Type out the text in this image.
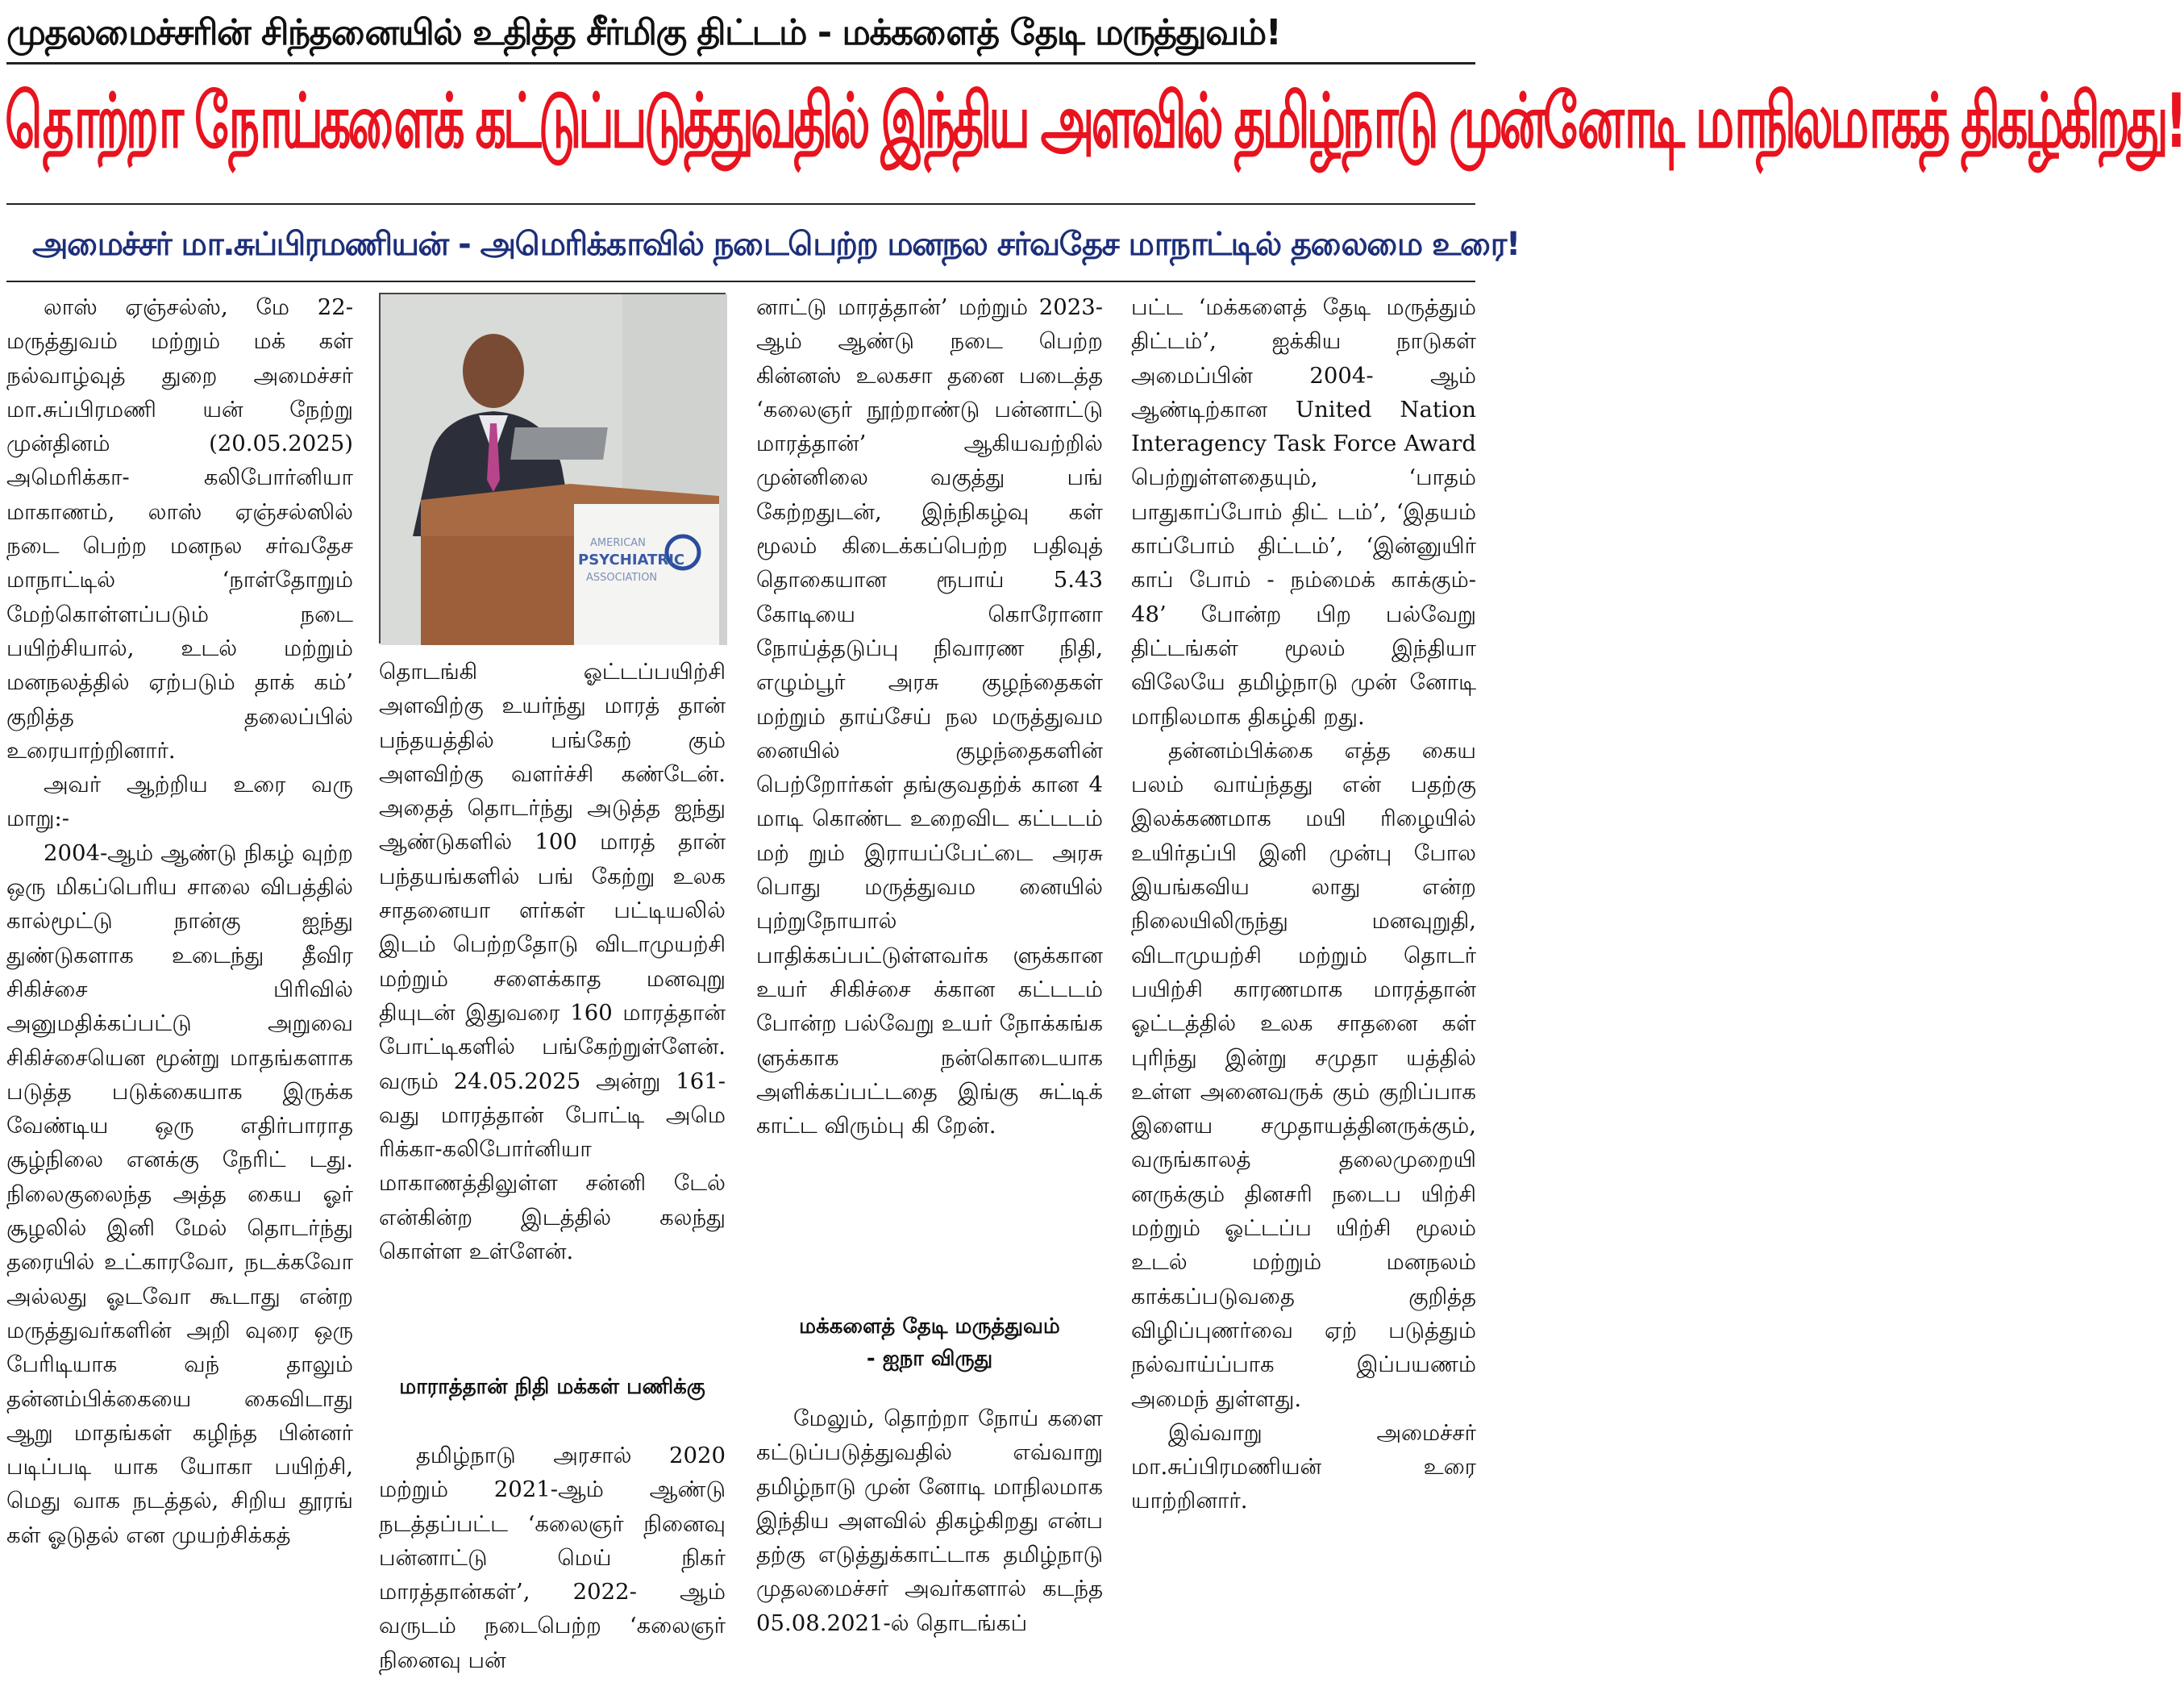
முதலமைச்சரின் சிந்தனையில் உதித்த சீர்மிகு திட்டம் - மக்களைத் தேடி மருத்துவம்!
தொற்றா நோய்களைக் கட்டுப்படுத்துவதில் இந்திய அளவில் தமிழ்நாடு முன்னோடி மாநிலமாகத் திகழ்கிறது!
அமைச்சர் மா.சுப்பிரமணியன் - அமெரிக்காவில் நடைபெற்ற மனநல சர்வதேச மாநாட்டில் தலைமை உரை!

லாஸ் ஏஞ்சல்ஸ், மே 22- மருத்துவம் மற்றும் மக் கள் நல்வாழ்வுத் துறை அமைச்சர் மா.சுப்பிரமணி யன் நேற்று முன்தினம் (20.05.2025) அமெரிக்கா- கலிபோர்னியா மாகாணம், லாஸ் ஏஞ்சல்ஸில் நடை பெற்ற மனநல சர்வதேச மாநாட்டில் ‘நாள்தோறும் மேற்கொள்ளப்படும் நடை பயிற்சியால், உடல் மற்றும் மனநலத்தில் ஏற்படும் தாக் கம்’ குறித்த தலைப்பில் உரையாற்றினார்.

அவர் ஆற்றிய உரை வரு மாறு:-

2004-ஆம் ஆண்டு நிகழ் வுற்ற ஒரு மிகப்பெரிய சாலை விபத்தில் கால்மூட்டு நான்கு ஐந்து துண்டுகளாக உடைந்து தீவிர சிகிச்சை பிரிவில் அனுமதிக்கப்பட்டு அறுவை சிகிச்சையென மூன்று மாதங்களாக படுத்த படுக்கையாக இருக்க வேண்டிய ஒரு எதிர்பாராத சூழ்நிலை எனக்கு நேரிட் டது. நிலைகுலைந்த அத்த கைய ஓர் சூழலில் இனி மேல் தொடர்ந்து தரையில் உட்காரவோ, நடக்கவோ அல்லது ஓடவோ கூடாது என்ற மருத்துவர்களின் அறி வுரை ஒரு பேரிடியாக வந் தாலும் தன்னம்பிக்கையை கைவிடாது ஆறு மாதங்கள் கழிந்த பின்னர் படிப்படி யாக யோகா பயிற்சி, மெது வாக நடத்தல், சிறிய தூரங் கள் ஓடுதல் என முயற்சிக்கத்

AMERICAN
PSYCHIATRIC
ASSOCIATION

தொடங்கி ஓட்டப்பயிற்சி அளவிற்கு உயர்ந்து மாரத் தான் பந்தயத்தில் பங்கேற் கும் அளவிற்கு வளர்ச்சி கண்டேன். அதைத் தொடர்ந்து அடுத்த ஐந்து ஆண்டுகளில் 100 மாரத் தான் பந்தயங்களில் பங் கேற்று உலக சாதனையா ளர்கள் பட்டியலில் இடம் பெற்றதோடு விடாமுயற்சி மற்றும் சளைக்காத மனவுறு தியுடன் இதுவரை 160 மாரத்தான் போட்டிகளில் பங்கேற்றுள்ளேன். வரும் 24.05.2025 அன்று 161-வது மாரத்தான் போட்டி அமெ ரிக்கா-கலிபோர்னியா மாகாணத்திலுள்ள சன்னி டேல் என்கின்ற இடத்தில் கலந்து கொள்ள உள்ளேன்.

மாராத்தான் நிதி மக்கள் பணிக்கு

தமிழ்நாடு அரசால் 2020 மற்றும் 2021-ஆம் ஆண்டு நடத்தப்பட்ட ‘கலைஞர் நினைவு பன்னாட்டு மெய் நிகர் மாரத்தான்கள்’, 2022- ஆம் வருடம் நடைபெற்ற ‘கலைஞர் நினைவு பன்

னாட்டு மாரத்தான்’ மற்றும் 2023-ஆம் ஆண்டு நடை பெற்ற கின்னஸ் உலகசா தனை படைத்த ‘கலைஞர் நூற்றாண்டு பன்னாட்டு மாரத்தான்’ ஆகியவற்றில் முன்னிலை வகுத்து பங் கேற்றதுடன், இந்நிகழ்வு கள் மூலம் கிடைக்கப்பெற்ற பதிவுத் தொகையான ரூபாய் 5.43 கோடியை கொரோனா நோய்த்தடுப்பு நிவாரண நிதி, எழும்பூர் அரசு குழந்தைகள் மற்றும் தாய்சேய் நல மருத்துவம னையில் குழந்தைகளின் பெற்றோர்கள் தங்குவதற்க் கான 4 மாடி கொண்ட உறைவிட கட்டடம் மற் றும் இராயப்பேட்டை அரசு பொது மருத்துவம னையில் புற்றுநோயால் பாதிக்கப்பட்டுள்ளவர்க ளுக்கான உயர் சிகிச்சை க்கான கட்டடம் போன்ற பல்வேறு உயர் நோக்கங்க ளுக்காக நன்கொடையாக அளிக்கப்பட்டதை இங்கு சுட்டிக் காட்ட விரும்பு கி றேன்.

மக்களைத் தேடி மருத்துவம்
- ஐநா விருது

மேலும், தொற்றா நோய் களை கட்டுப்படுத்துவதில் எவ்வாறு தமிழ்நாடு முன் னோடி மாநிலமாக இந்திய அளவில் திகழ்கிறது என்ப தற்கு எடுத்துக்காட்டாக தமிழ்நாடு முதலமைச்சர் அவர்களால் கடந்த 05.08.2021-ல் தொடங்கப்

பட்ட ‘மக்களைத் தேடி மருத்தும் திட்டம்’, ஐக்கிய நாடுகள் அமைப்பின் 2004- ஆம் ஆண்டிற்கான United Nation Interagency Task Force Award பெற்றுள்ளதையும், ‘பாதம் பாதுகாப்போம் திட் டம்’, ‘இதயம் காப்போம் திட்டம்’, ‘இன்னுயிர் காப் போம் - நம்மைக் காக்கும்- 48’ போன்ற பிற பல்வேறு திட்டங்கள் மூலம் இந்தியா விலேயே தமிழ்நாடு முன் னோடி மாநிலமாக திகழ்கி றது.

தன்னம்பிக்கை எத்த கைய பலம் வாய்ந்தது என் பதற்கு இலக்கணமாக மயி ரிழையில் உயிர்தப்பி இனி முன்பு போல இயங்கவிய லாது என்ற நிலையிலிருந்து மனவுறுதி, விடாமுயற்சி மற்றும் தொடர் பயிற்சி காரணமாக மாரத்தான் ஓட்டத்தில் உலக சாதனை கள் புரிந்து இன்று சமுதா யத்தில் உள்ள அனைவருக் கும் குறிப்பாக இளைய சமுதாயத்தினருக்கும், வருங்காலத் தலைமுறையி னருக்கும் தினசரி நடைப யிற்சி மற்றும் ஓட்டப்ப யிற்சி மூலம் உடல் மற்றும் மனநலம் காக்கப்படுவதை குறித்த விழிப்புணர்வை ஏற் படுத்தும் நல்வாய்ப்பாக இப்பயணம் அமைந் துள்ளது.

இவ்வாறு அமைச்சர் மா.சுப்பிரமணியன் உரை யாற்றினார்.
